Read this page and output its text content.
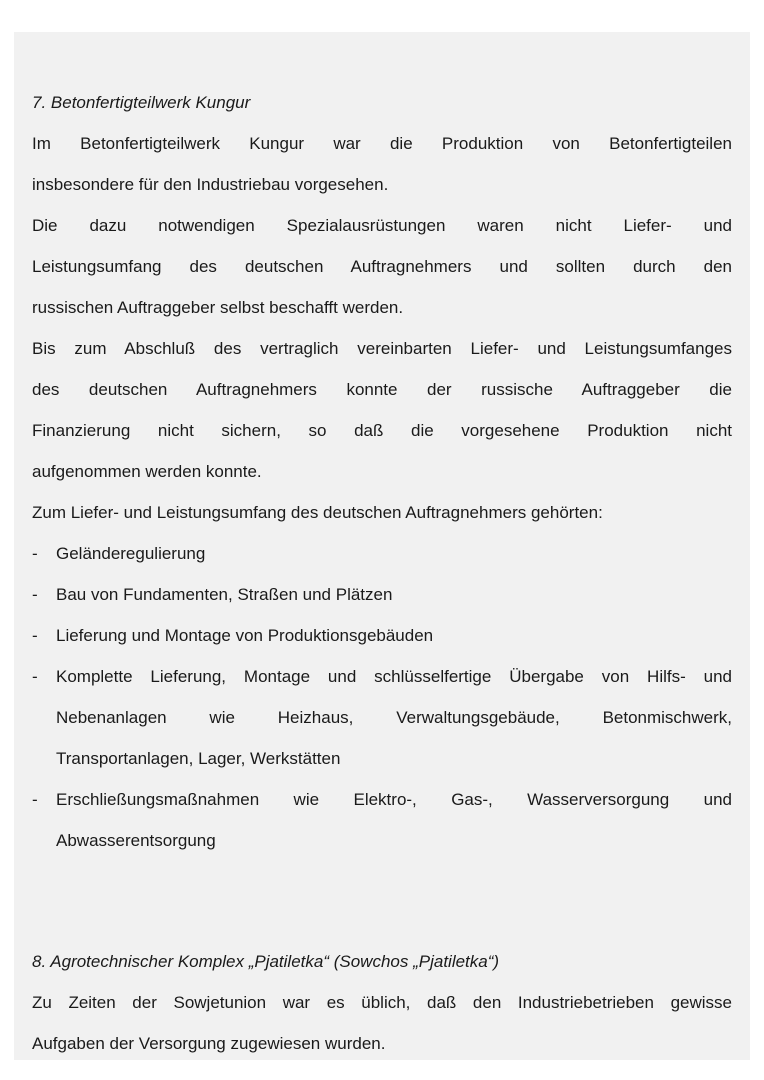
7. Betonfertigteilwerk Kungur
Im Betonfertigteilwerk Kungur war die Produktion von Betonfertigteilen
insbesondere für den Industriebau vorgesehen.
Die dazu notwendigen Spezialausrüstungen waren nicht Liefer- und
Leistungsumfang des deutschen Auftragnehmers und sollten durch den
russischen Auftraggeber selbst beschafft werden.
Bis zum Abschluß des vertraglich vereinbarten Liefer- und Leistungsumfanges
des deutschen Auftragnehmers konnte der russische Auftraggeber die
Finanzierung nicht sichern, so daß die vorgesehene Produktion nicht
aufgenommen werden konnte.
Zum Liefer- und Leistungsumfang des deutschen Auftragnehmers gehörten:
- Geländeregulierung
- Bau von Fundamenten, Straßen und Plätzen
- Lieferung und Montage von Produktionsgebäuden
- Komplette Lieferung, Montage und schlüsselfertige Übergabe von Hilfs- und
Nebenanlagen wie Heizhaus, Verwaltungsgebäude, Betonmischwerk,
Transportanlagen, Lager, Werkstätten
- Erschließungsmaßnahmen wie Elektro-, Gas-, Wasserversorgung und
Abwasserentsorgung
8. Agrotechnischer Komplex „Pjatiletka“ (Sowchos „Pjatiletka“)
Zu Zeiten der Sowjetunion war es üblich, daß den Industriebetrieben gewisse
Aufgaben der Versorgung zugewiesen wurden.
